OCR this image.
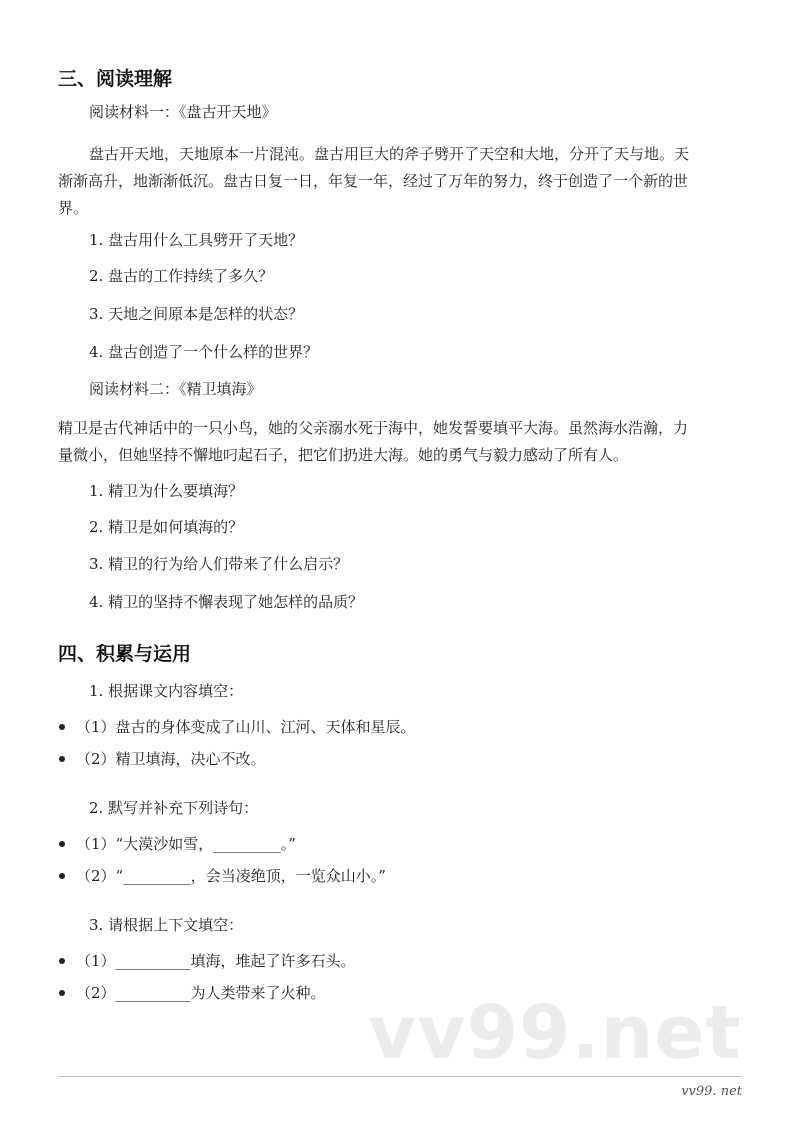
三、阅读理解
阅读材料一：《盘古开天地》
盘古开天地，天地原本一片混沌。盘古用巨大的斧子劈开了天空和大地，分开了天与地。天
渐渐高升，地渐渐低沉。盘古日复一日，年复一年，经过了万年的努力，终于创造了一个新的世
界。
1. 盘古用什么工具劈开了天地？
2. 盘古的工作持续了多久？
3. 天地之间原本是怎样的状态？
4. 盘古创造了一个什么样的世界？
阅读材料二：《精卫填海》
精卫是古代神话中的一只小鸟，她的父亲溺水死于海中，她发誓要填平大海。虽然海水浩瀚，力
量微小，但她坚持不懈地叼起石子，把它们扔进大海。她的勇气与毅力感动了所有人。
1. 精卫为什么要填海？
2. 精卫是如何填海的？
3. 精卫的行为给人们带来了什么启示？
4. 精卫的坚持不懈表现了她怎样的品质？
四、积累与运用
1. 根据课文内容填空：
（1）盘古的身体变成了山川、江河、天体和星辰。
（2）精卫填海，决心不改。
2. 默写并补充下列诗句：
（1）“大漠沙如雪，_________。”
（2）“_________，会当凌绝顶，一览众山小。”
3. 请根据上下文填空：
（1）__________填海，堆起了许多石头。
（2）__________为人类带来了火种。 vv99.net
vv99. net
